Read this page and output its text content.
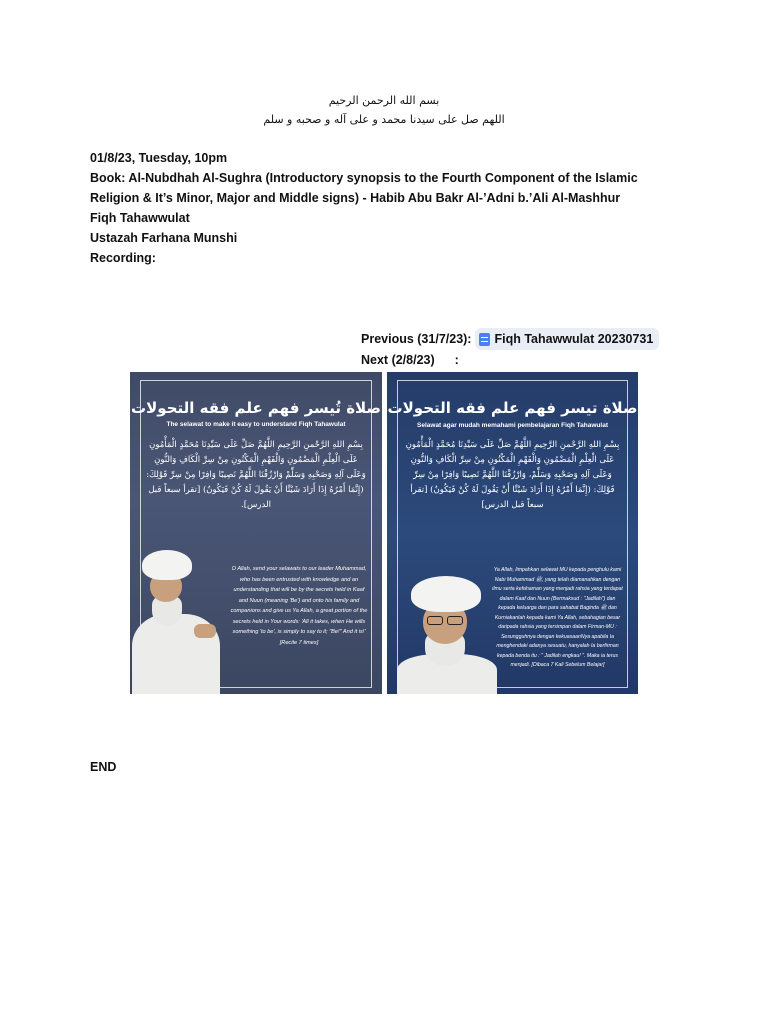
بسم الله الرحمن الرحيم
اللهم صل على سيدنا محمد و على آله و صحبه و سلم
01/8/23, Tuesday, 10pm
Book: Al-Nubdhah Al-Sughra (Introductory synopsis to the Fourth Component of the Islamic Religion & It’s Minor, Major and Middle signs) - Habib Abu Bakr Al-’Adni b.’Ali Al-Mashhur
Fiqh Tahawwulat
Ustazah Farhana Munshi
Recording:
Previous (31/7/23): Fiqh Tahawwulat 20230731
Next (2/8/23) :
صلاة تُيسر فهم علم فقه التحولات
The selawat to make it easy to understand Fiqh Tahawulat
بِسْمِ اللهِ الرَّحْمنِ الرَّحِيمِ اللَّهُمَّ صَلِّ عَلَى سَيِّدِنَا مُحَمَّدٍ الْمَأْمُونِ عَلَى الْعِلْمِ الْمَضْمُونِ وَالْفَهْمِ الْمَكْنُونِ مِنْ سِرِّ الْكَافِ وَالنُّونِ وَعَلَى آلِهِ وَصَحْبِهِ وَسَلِّمْ وَارْزُقْنَا اللَّهُمَّ نَصِيبًا وَافِرًا مِنْ سِرِّ قَوْلِكَ: (إِنَّمَا أَمْرُهُ إِذَا أَرَادَ شَيْئًا أَنْ يَقُولَ لَهُ كُنْ فَيَكُونُ) [تقرأ سبعاً قبل الدرس].
O Allah, send your selawats to our leader Muhammad, who has been entrusted with knowledge and an understanding that will be by the secrets held in Kaaf and Nuun (meaning 'Be') and onto his family and companions and give us Ya Allah, a great portion of the secrets held in Your words: 'All it takes, when He wills something 'to be', is simply to say to it; "Be!" And it is!' [Recite 7 times]
صلاة تيسر فهم علم فقه التحولات
Selawat agar mudah memahami pembelajaran Fiqh Tahawulat
بِسْمِ اللهِ الرَّحْمنِ الرَّحِيمِ اللَّهُمَّ صَلِّ عَلَى سَيِّدِنَا مُحَمَّدٍ الْمَأْمُونِ عَلَى الْعِلْمِ الْمَضْمُونِ وَالْفَهْمِ الْمَكْنُونِ مِنْ سِرِّ الْكَافِ وَالنُّونِ وَعَلَى آلِهِ وَصَحْبِهِ وَسَلِّمْ، وَارْزُقْنَا اللَّهُمَّ نَصِيبًا وَافِرًا مِنْ سِرِّ قَوْلِكَ: (إِنَّمَا أَمْرُهُ إِذَا أَرَادَ شَيْئًا أَنْ يَقُولَ لَهُ كُنْ فَيَكُونُ) [تقرأ سبعاً قبل الدرس]
Ya Allah, limpahkan selawat MU kepada penghulu kami Nabi Muhammad ﷺ, yang telah diamanahkan dengan ilmu serta kefahaman yang menjadi rahsia yang terdapat dalam Kaaf dan Nuun (Bermaksud : "Jadilah") dan kepada keluarga dan para sahabat Baginda ﷺ dan Kurniakanlah kepada kami Ya Allah, sebahagian besar daripada rahsia yang tersimpan dalam Firman-MU : Sesungguhnya dengan kekuasaanNya apabila Ia menghendaki adanya sesuatu, hanyalah Ia berfirman kepada benda itu : " Jadilah engkau! ". Maka ia terus menjadi. [Dibaca 7 Kali Sebelum Belajar]
END
